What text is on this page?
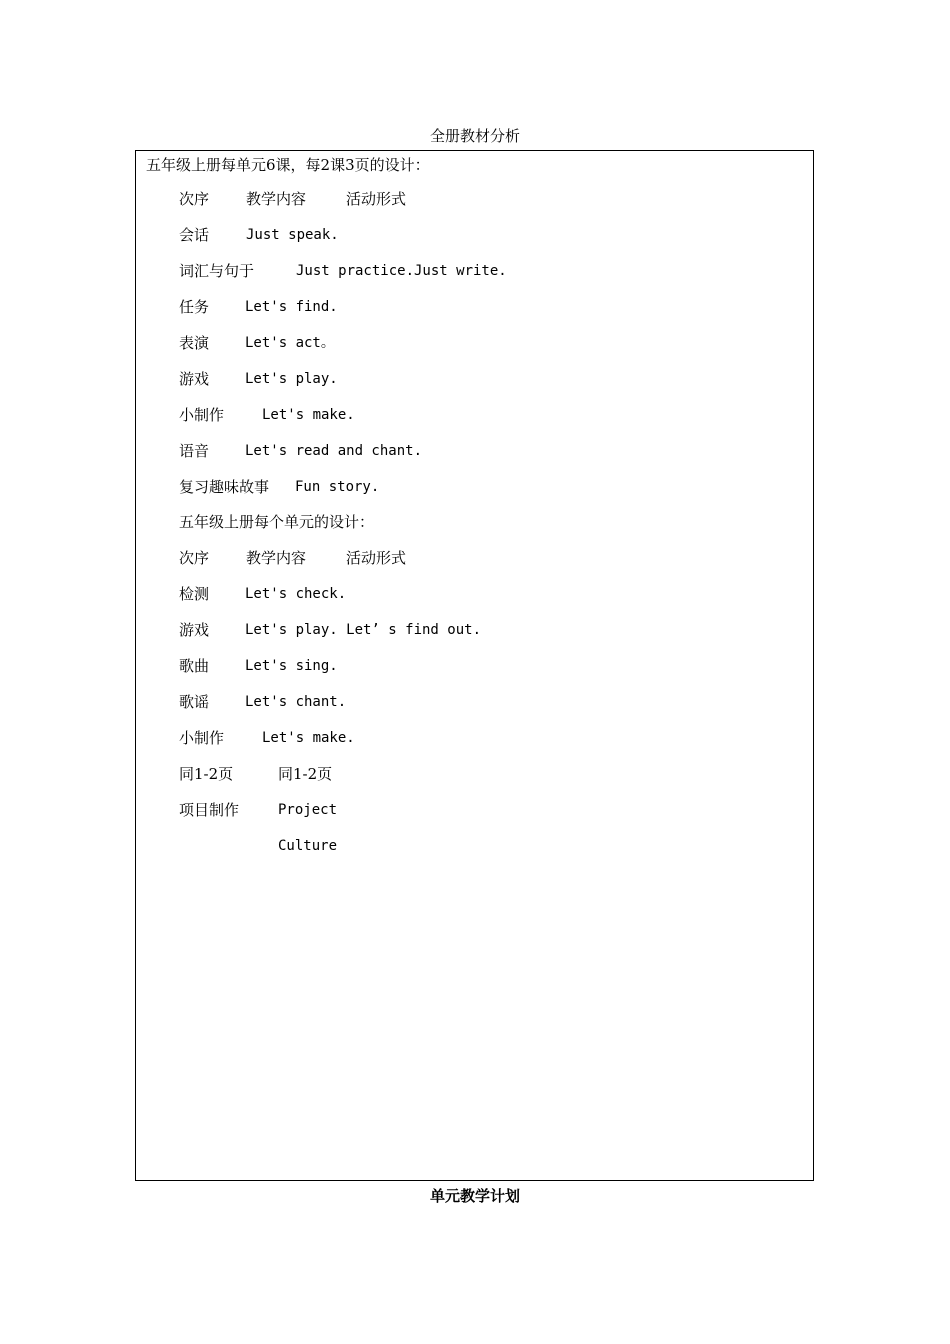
全册教材分析
五年级上册每单元6课，每2课3页的设计：
次序 教学内容	活动形式
会话	Just speak.
词汇与句于	Just practice.Just write.
任务	Let's find.
表演	Let's act。
游戏	Let's play.
小制作	Let's make.
语音	Let's read and chant.
复习趣味故事 Fun story.
五年级上册每个单元的设计：
次序 教学内容	活动形式
检测	Let's check.
游戏	Let's play. Let’ s find out.
歌曲	Let's sing.
歌谣	Let's chant.
小制作	Let's make.
同1-2页	同1-2页
项目制作	Project
Culture
单元教学计划
